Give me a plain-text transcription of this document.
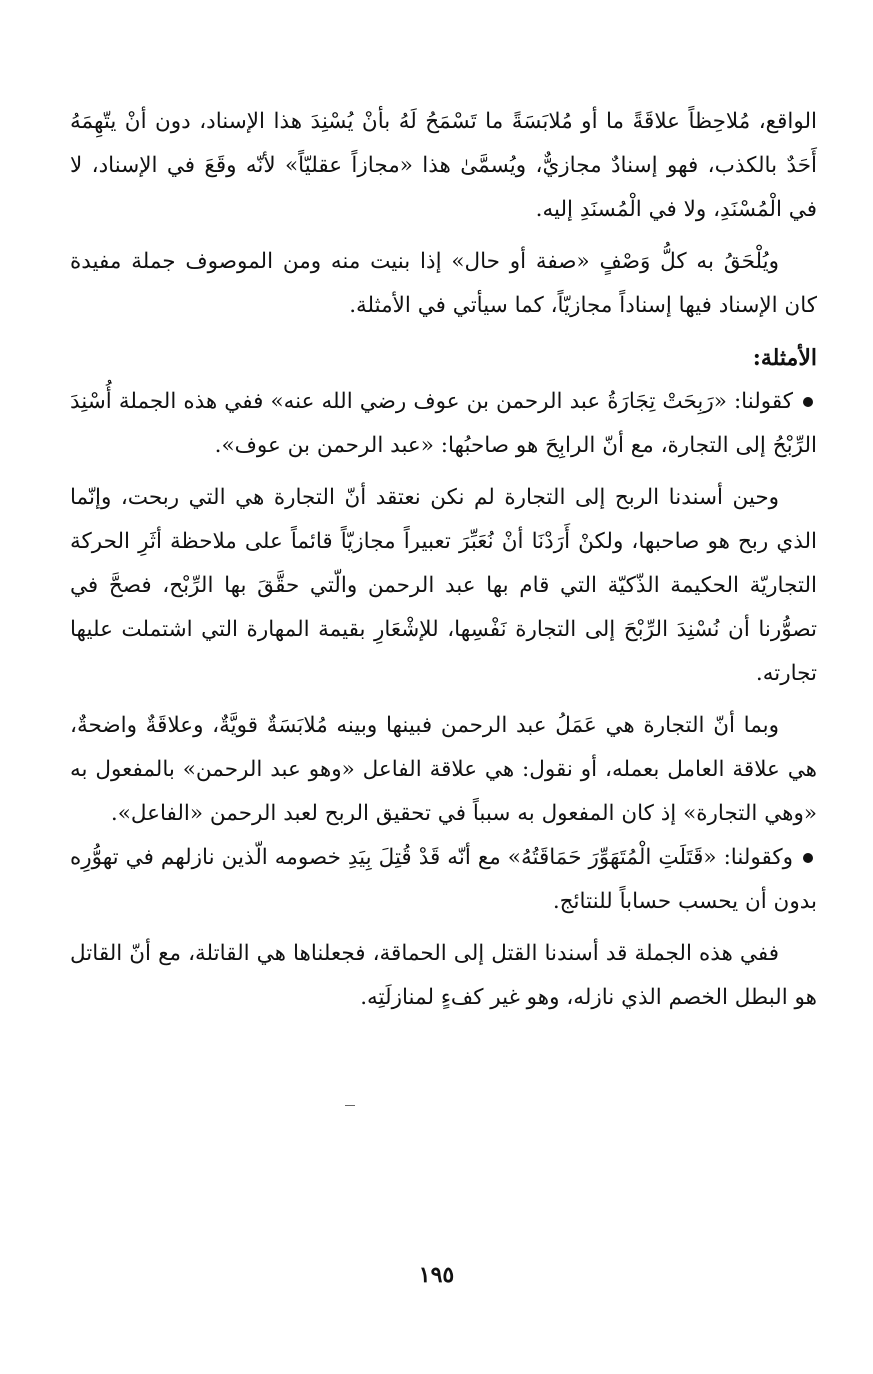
الواقع، مُلاحِظاً علاقَةً ما أو مُلابَسَةً ما تَسْمَحُ لَهُ بأنْ يُسْنِدَ هذا الإسناد، دون أنْ يتّهِمَهُ أَحَدٌ بالكذب، فهو إسنادٌ مجازيٌّ، ويُسمَّىٰ هذا «مجازاً عقليّاً» لأنّه وقَعَ في الإسناد، لا في الْمُسْنَدِ، ولا في الْمُسنَدِ إليه.

ويُلْحَقُ به كلُّ وَصْفٍ «صفة أو حال» إذا بنيت منه ومن الموصوف جملة مفيدة كان الإسناد فيها إسناداً مجازيّاً، كما سيأتي في الأمثلة.

الأمثلة:

كقولنا: «رَبِحَتْ تِجَارَةُ عبد الرحمن بن عوف رضي الله عنه» ففي هذه الجملة أُسْنِدَ الرِّبْحُ إلى التجارة، مع أنّ الرابِحَ هو صاحبُها: «عبد الرحمن بن عوف».

وحين أسندنا الربح إلى التجارة لم نكن نعتقد أنّ التجارة هي التي ربحت، وإنّما الذي ربح هو صاحبها، ولكنْ أَرَدْنَا أنْ نُعَبِّرَ تعبيراً مجازيّاً قائماً على ملاحظة أثَرِ الحركة التجاريّة الحكيمة الذّكيّة التي قام بها عبد الرحمن والّتي حقَّقَ بها الرِّبْح، فصحَّ في تصوُّرنا أن نُسْنِدَ الرِّبْحَ إلى التجارة نَفْسِها، للإشْعَارِ بقيمة المهارة التي اشتملت عليها تجارته.

وبما أنّ التجارة هي عَمَلُ عبد الرحمن فبينها وبينه مُلابَسَةٌ قويَّةٌ، وعلاقَةٌ واضحةٌ، هي علاقة العامل بعمله، أو نقول: هي علاقة الفاعل «وهو عبد الرحمن» بالمفعول به «وهي التجارة» إذ كان المفعول به سبباً في تحقيق الربح لعبد الرحمن «الفاعل».

وكقولنا: «قَتَلَتِ الْمُتَهَوِّرَ حَمَاقَتُهُ» مع أنّه قَدْ قُتِلَ بِيَدِ خصومه الّذين نازلهم في تهوُّرِه بدون أن يحسب حساباً للنتائج.

ففي هذه الجملة قد أسندنا القتل إلى الحماقة، فجعلناها هي القاتلة، مع أنّ القاتل هو البطل الخصم الذي نازله، وهو غير كفءٍ لمنازلَتِه.

١٩٥
